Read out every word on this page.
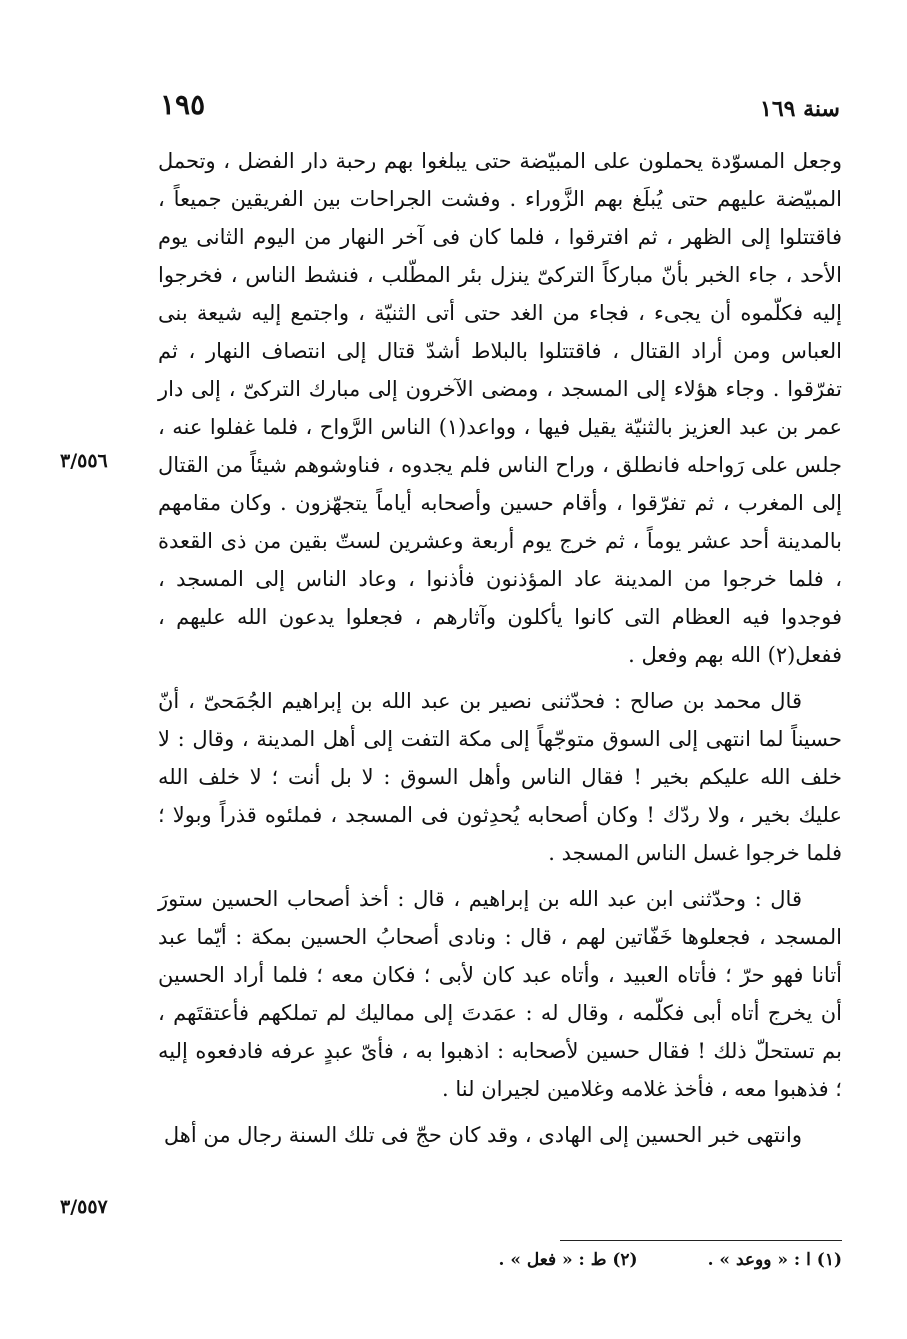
سنة ١٦٩
١٩٥

وجعل المسوّدة يحملون على المبيّضة حتى يبلغوا بهم رحبة دار الفضل ، وتحمل المبيّضة عليهم حتى يُبلَغ بهم الزَّوراء . وفشت الجراحات بين الفريقين جميعاً ، فاقتتلوا إلى الظهر ، ثم افترقوا ، فلما كان فى آخر النهار من اليوم الثانى يوم الأحد ، جاء الخبر بأنّ مباركاً التركىّ ينزل بئر المطّلب ، فنشط الناس ، فخرجوا إليه فكلّموه أن يجىء ، فجاء من الغد حتى أتى الثنيّة ، واجتمع إليه شيعة بنى العباس ومن أراد القتال ، فاقتتلوا بالبلاط أشدّ قتال إلى انتصاف النهار ، ثم تفرّقوا . وجاء هؤلاء إلى المسجد ، ومضى الآخرون إلى مبارك التركىّ ، إلى دار عمر بن عبد العزيز بالثنيّة يقيل فيها ، وواعد(١) الناس الرَّواح ، فلما غفلوا عنه ، جلس على رَواحله فانطلق ، وراح الناس فلم يجدوه ، فناوشوهم شيئاً من القتال إلى المغرب ، ثم تفرّقوا ، وأقام حسين وأصحابه أياماً يتجهّزون . وكان مقامهم بالمدينة أحد عشر يوماً ، ثم خرج يوم أربعة وعشرين لستّ بقين من ذى القعدة ، فلما خرجوا من المدينة عاد المؤذنون فأذنوا ، وعاد الناس إلى المسجد ، فوجدوا فيه العظام التى كانوا يأكلون وآثارهم ، فجعلوا يدعون الله عليهم ، ففعل(٢) الله بهم وفعل .

قال محمد بن صالح : فحدّثنى نصير بن عبد الله بن إبراهيم الجُمَحىّ ، أنّ حسيناً لما انتهى إلى السوق متوجّهاً إلى مكة التفت إلى أهل المدينة ، وقال : لا خلف الله عليكم بخير ! فقال الناس وأهل السوق : لا بل أنت ؛ لا خلف الله عليك بخير ، ولا ردّك ! وكان أصحابه يُحدِثون فى المسجد ، فملئوه قذراً وبولا ؛ فلما خرجوا غسل الناس المسجد .

قال : وحدّثنى ابن عبد الله بن إبراهيم ، قال : أخذ أصحاب الحسين ستورَ المسجد ، فجعلوها خَفّاتين لهم ، قال : ونادى أصحابُ الحسين بمكة : أيّما عبد أتانا فهو حرّ ؛ فأتاه العبيد ، وأتاه عبد كان لأبى ؛ فكان معه ؛ فلما أراد الحسين أن يخرج أتاه أبى فكلّمه ، وقال له : عمَدتَ إلى مماليك لم تملكهم فأعتقتَهم ، بم تستحلّ ذلك ! فقال حسين لأصحابه : اذهبوا به ، فأىّ عبدٍ عرفه فادفعوه إليه ؛ فذهبوا معه ، فأخذ غلامه وغلامين لجيران لنا .

وانتهى خبر الحسين إلى الهادى ، وقد كان حجّ فى تلك السنة رجال من أهل

٣/٥٥٦
٣/٥٥٧
(١) ا : « ووعد » .
(٢) ط : « فعل » .
